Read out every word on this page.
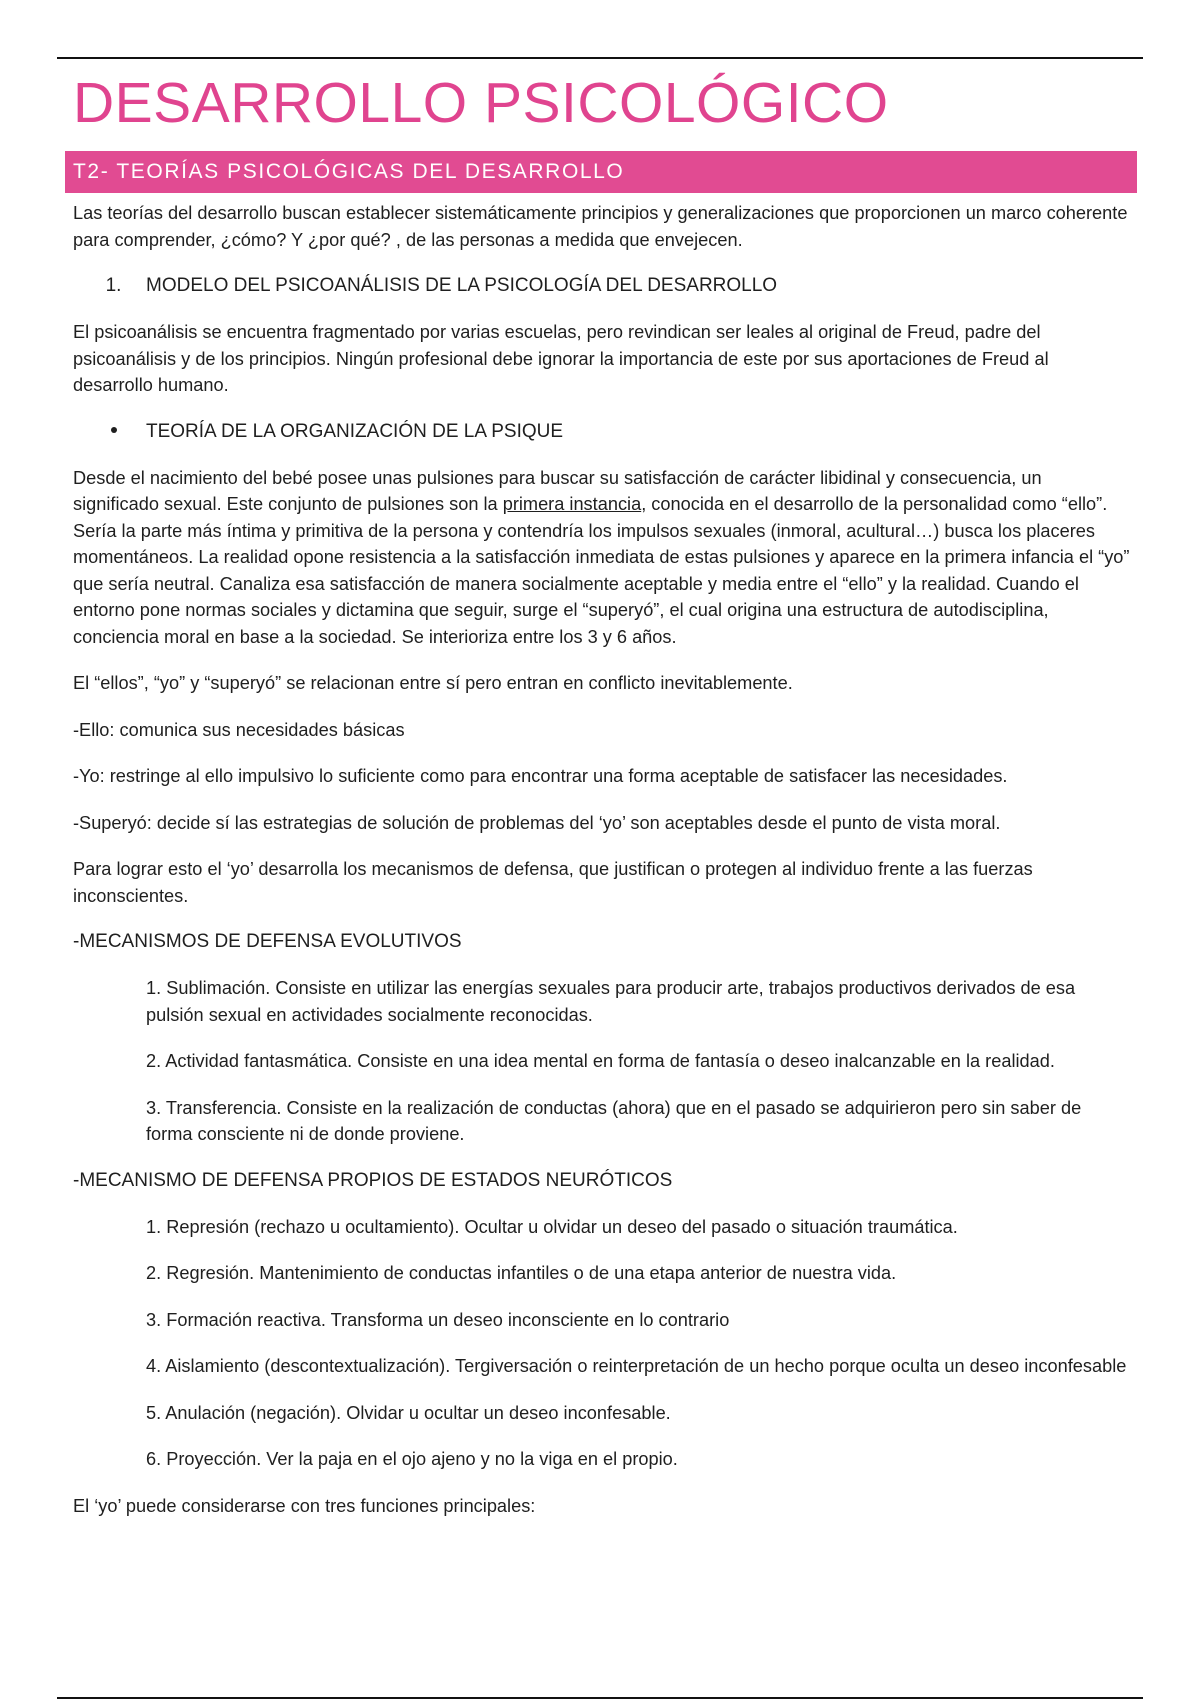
DESARROLLO PSICOLÓGICO
T2- TEORÍAS PSICOLÓGICAS DEL DESARROLLO

Las teorías del desarrollo buscan establecer sistemáticamente principios y generalizaciones que proporcionen un marco coherente para comprender, ¿cómo? Y ¿por qué? , de las personas a medida que envejecen.

1.	MODELO DEL PSICOANÁLISIS DE LA PSICOLOGÍA DEL DESARROLLO

El psicoanálisis se encuentra fragmentado por varias escuelas, pero revindican ser leales al original de Freud, padre del psicoanálisis y de los principios. Ningún profesional debe ignorar la importancia de este por sus aportaciones de Freud al desarrollo humano.

TEORÍA DE LA ORGANIZACIÓN DE LA PSIQUE

Desde el nacimiento del bebé posee unas pulsiones para buscar su satisfacción de carácter libidinal y consecuencia, un significado sexual. Este conjunto de pulsiones son la primera instancia, conocida en el desarrollo de la personalidad como “ello”. Sería la parte más íntima y primitiva de la persona y contendría los impulsos sexuales (inmoral, acultural…) busca los placeres momentáneos. La realidad opone resistencia a la satisfacción inmediata de estas pulsiones y aparece en la primera infancia el “yo” que sería neutral. Canaliza esa satisfacción de manera socialmente aceptable y media entre el “ello” y la realidad. Cuando el entorno pone normas sociales y dictamina que seguir, surge el “superyó”, el cual origina una estructura de autodisciplina, conciencia moral en base a la sociedad. Se interioriza entre los 3 y 6 años.

El “ellos”, “yo” y “superyó” se relacionan entre sí pero entran en conflicto inevitablemente.

-Ello: comunica sus necesidades básicas

-Yo: restringe al ello impulsivo lo suficiente como para encontrar una forma aceptable de satisfacer las necesidades.

-Superyó: decide sí las estrategias de solución de problemas del ‘yo’ son aceptables desde el punto de vista moral.

Para lograr esto el ‘yo’ desarrolla los mecanismos de defensa, que justifican o protegen al individuo frente a las fuerzas inconscientes.

-MECANISMOS DE DEFENSA EVOLUTIVOS

1. Sublimación. Consiste en utilizar las energías sexuales para producir arte, trabajos productivos derivados de esa pulsión sexual en actividades socialmente reconocidas.

2. Actividad fantasmática. Consiste en una idea mental en forma de fantasía o deseo inalcanzable en la realidad.

3. Transferencia. Consiste en la realización de conductas (ahora) que en el pasado se adquirieron pero sin saber de forma consciente ni de donde proviene.

-MECANISMO DE DEFENSA PROPIOS DE ESTADOS NEURÓTICOS

1. Represión (rechazo u ocultamiento). Ocultar u olvidar un deseo del pasado o situación traumática.

2. Regresión. Mantenimiento de conductas infantiles o de una etapa anterior de nuestra vida.

3. Formación reactiva. Transforma un deseo inconsciente en lo contrario

4. Aislamiento (descontextualización). Tergiversación o reinterpretación de un hecho porque oculta un deseo inconfesable

5. Anulación (negación). Olvidar u ocultar un deseo inconfesable.

6. Proyección. Ver la paja en el ojo ajeno y no la viga en el propio.

El ‘yo’ puede considerarse con tres funciones principales:
